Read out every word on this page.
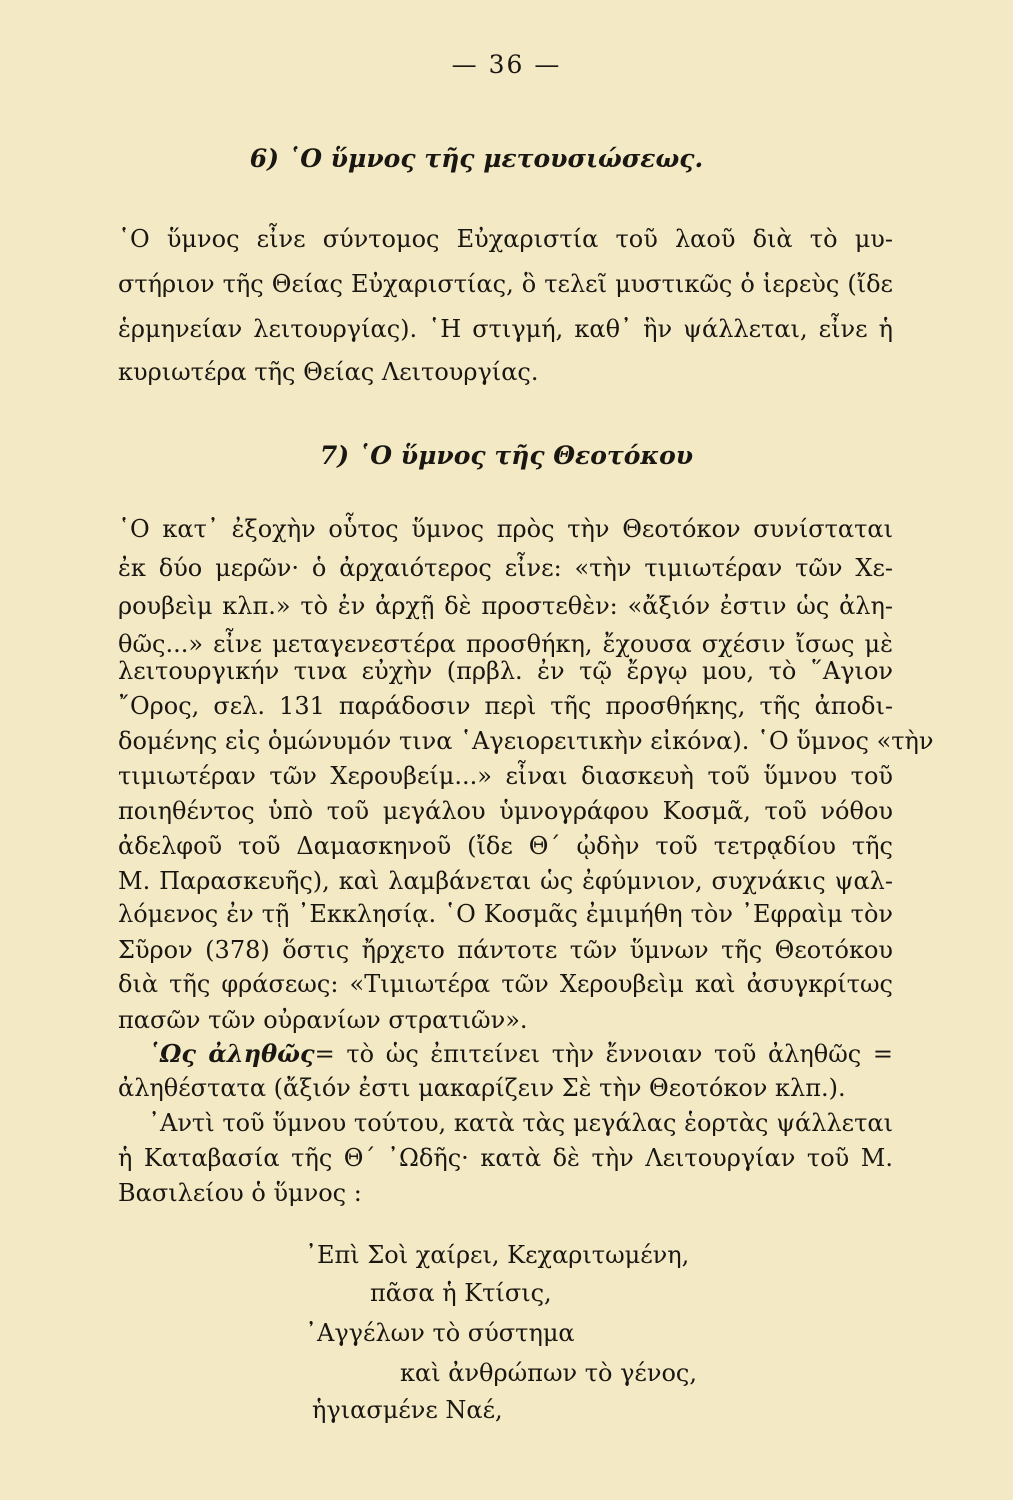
— 36 —
6) ῾Ο ὕμνος τῆς μετουσιώσεως.
῾Ο ὕμνος εἶνε σύντομος Εὐχαριστία τοῦ λαοῦ διὰ τὸ μυ-
στήριον τῆς Θείας Εὐχαριστίας, ὃ τελεῖ μυστικῶς ὁ ἱερεὺς (ἴδε
ἑρμηνείαν λειτουργίας). ῾Η στιγμή, καθ᾿ ἣν ψάλλεται, εἶνε ἡ
κυριωτέρα τῆς Θείας Λειτουργίας.
7) ῾Ο ὕμνος τῆς Θεοτόκου
῾Ο κατ᾿ ἐξοχὴν οὗτος ὕμνος πρὸς τὴν Θεοτόκον συνίσταται
ἐκ δύο μερῶν· ὁ ἀρχαιότερος εἶνε: «τὴν τιμιωτέραν τῶν Χε-
ρουβεὶμ κλπ.» τὸ ἐν ἀρχῇ δὲ προστεθὲν: «ἄξιόν ἐστιν ὡς ἀλη-
θῶς...» εἶνε μεταγενεστέρα προσθήκη, ἔχουσα σχέσιν ἴσως μὲ
λειτουργικήν τινα εὐχὴν (πρβλ. ἐν τῷ ἔργῳ μου, τὸ ῞Αγιον
῎Ορος, σελ. 131 παράδοσιν περὶ τῆς προσθήκης, τῆς ἀποδι-
δομένης εἰς ὁμώνυμόν τινα ῾Αγειορειτικὴν εἰκόνα). ῾Ο ὕμνος «τὴν
τιμιωτέραν τῶν Χερουβείμ...» εἶναι διασκευὴ τοῦ ὕμνου τοῦ
ποιηθέντος ὑπὸ τοῦ μεγάλου ὑμνογράφου Κοσμᾶ, τοῦ νόθου
ἀδελφοῦ τοῦ Δαμασκηνοῦ (ἴδε Θ΄ ᾠδὴν τοῦ τετρᾳδίου τῆς
Μ. Παρασκευῆς), καὶ λαμβάνεται ὡς ἐφύμνιον, συχνάκις ψαλ-
λόμενος ἐν τῇ ᾿Εκκλησίᾳ. ῾Ο Κοσμᾶς ἐμιμήθη τὸν ᾿Εφραὶμ τὸν
Σῦρον (378) ὅστις ἤρχετο πάντοτε τῶν ὕμνων τῆς Θεοτόκου
διὰ τῆς φράσεως: «Τιμιωτέρα τῶν Χερουβεὶμ καὶ ἀσυγκρίτως
πασῶν τῶν οὐρανίων στρατιῶν».
῾Ως ἀληθῶς= τὸ ὡς ἐπιτείνει τὴν ἔννοιαν τοῦ ἀληθῶς =
ἀληθέστατα (ἄξιόν ἐστι μακαρίζειν Σὲ τὴν Θεοτόκον κλπ.).
᾿Αντὶ τοῦ ὕμνου τούτου, κατὰ τὰς μεγάλας ἑορτὰς ψάλλεται
ἡ Καταβασία τῆς Θ΄ ᾿Ωδῆς· κατὰ δὲ τὴν Λειτουργίαν τοῦ Μ.
Βασιλείου ὁ ὕμνος :
᾿Επὶ Σοὶ χαίρει, Κεχαριτωμένη,
πᾶσα ἡ Κτίσις,
᾿Αγγέλων τὸ σύστημα
καὶ ἀνθρώπων τὸ γένος,
ἡγιασμένε Ναέ,
